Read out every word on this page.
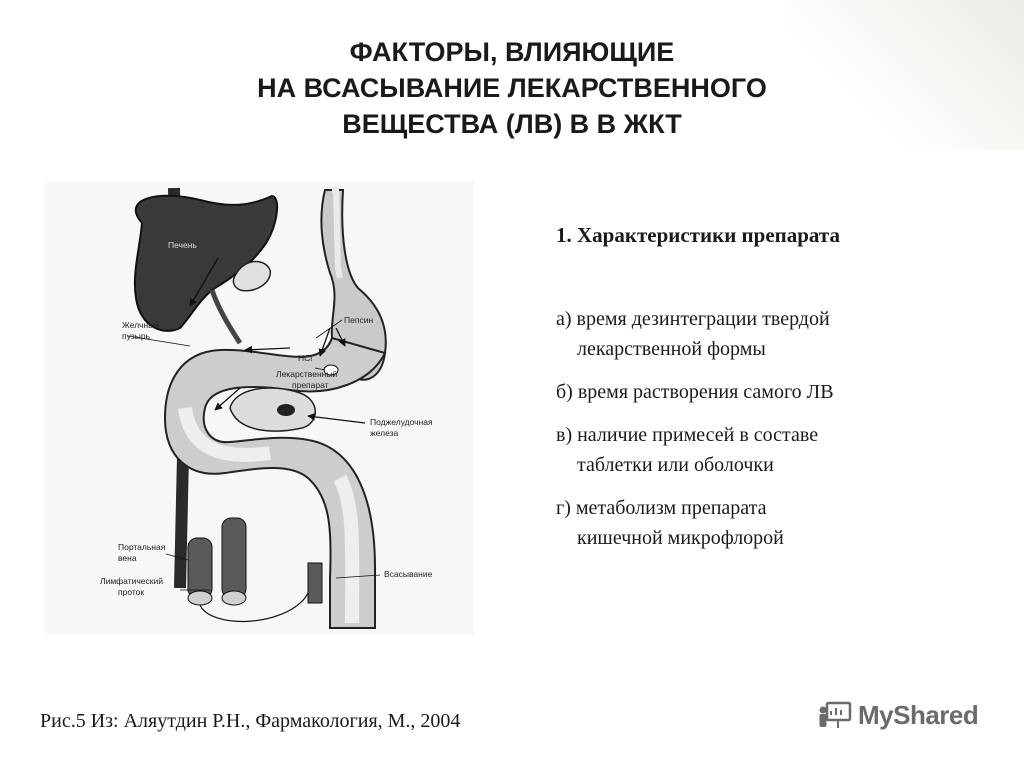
ФАКТОРЫ, ВЛИЯЮЩИЕ
НА ВСАСЫВАНИЕ ЛЕКАРСТВЕННОГО
ВЕЩЕСТВА (ЛВ) В В ЖКТ
Печень
Желчный
пузырь
Пепсин
HCl
Лекарственный
препарат
Поджелудочная
железа
Портальная
вена
Лимфатический
проток
Всасывание
1. Характеристики препарата
а) время дезинтеграции твердой
лекарственной формы
б) время растворения самого ЛВ
в) наличие примесей в составе
таблетки или оболочки
г) метаболизм препарата
кишечной микрофлорой
Рис.5 Из: Аляутдин Р.Н., Фармакология, М., 2004	MyShared
